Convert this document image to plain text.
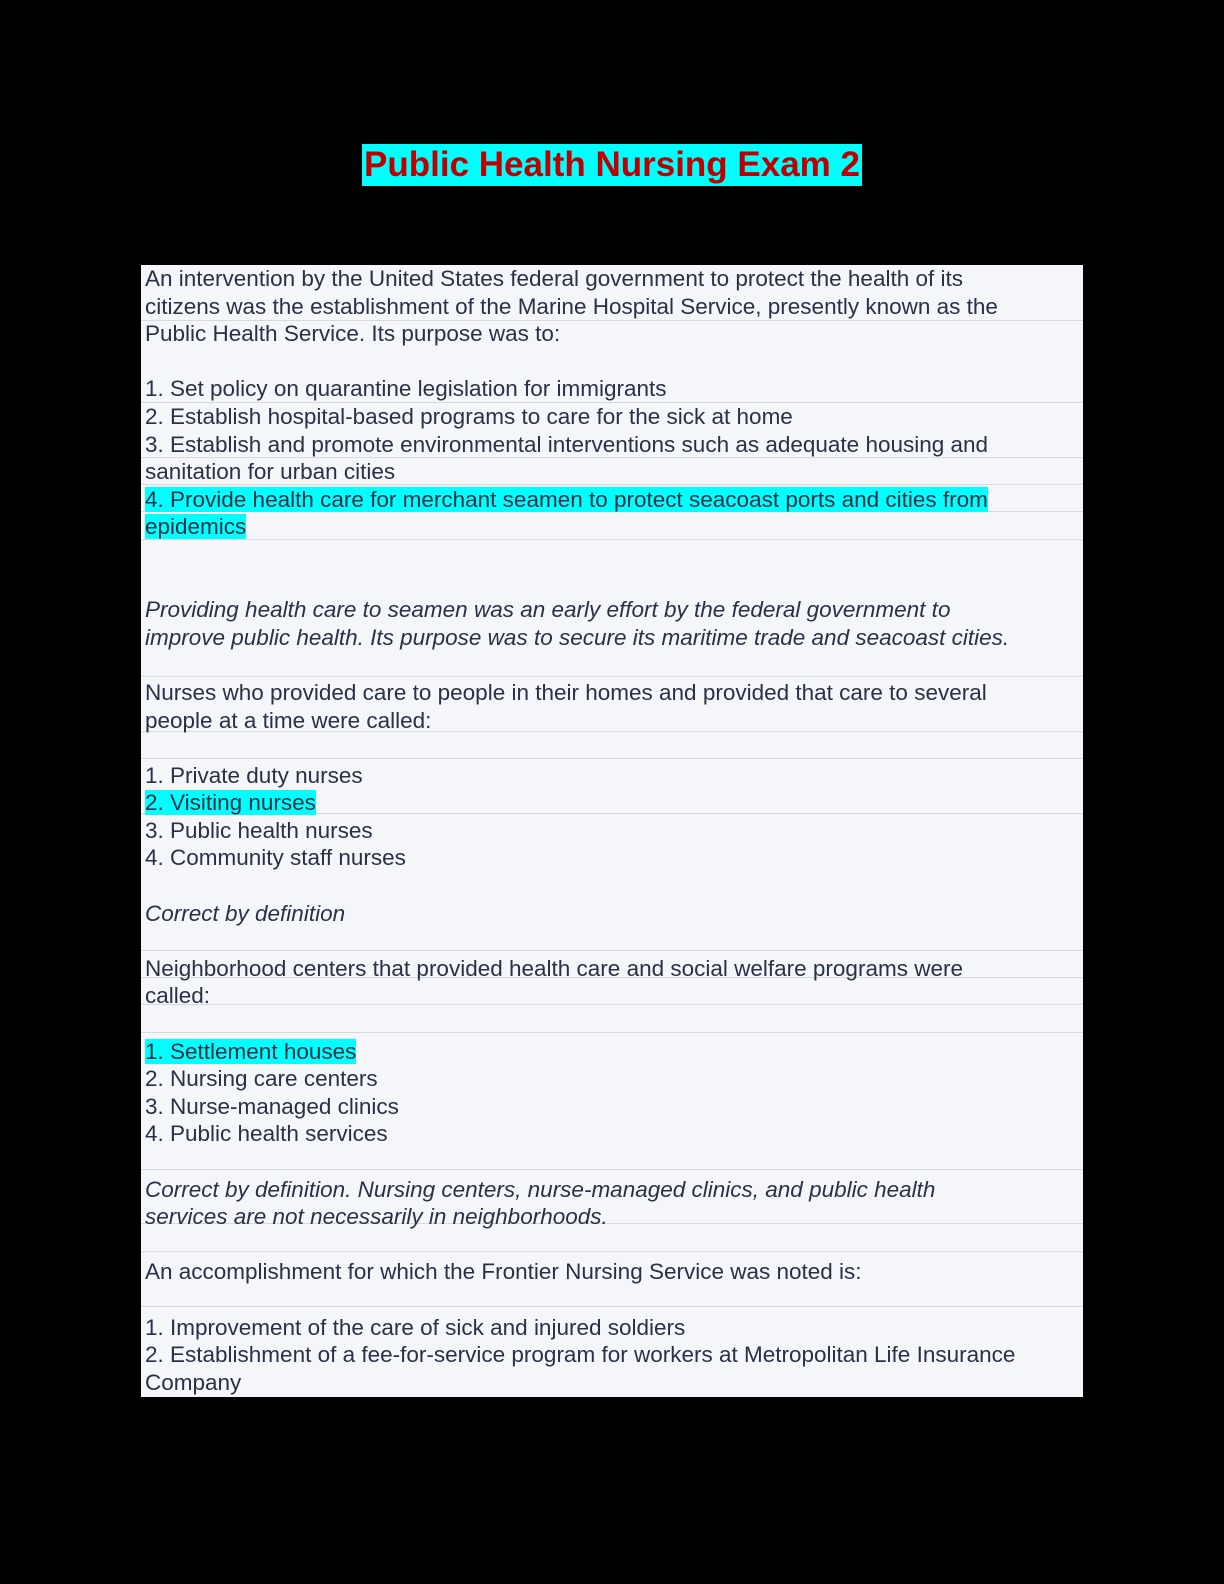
Public Health Nursing Exam 2
An intervention by the United States federal government to protect the health of its
citizens was the establishment of the Marine Hospital Service, presently known as the
Public Health Service. Its purpose was to:
1. Set policy on quarantine legislation for immigrants
2. Establish hospital-based programs to care for the sick at home
3. Establish and promote environmental interventions such as adequate housing and
sanitation for urban cities
4. Provide health care for merchant seamen to protect seacoast ports and cities from
epidemics
Providing health care to seamen was an early effort by the federal government to
improve public health. Its purpose was to secure its maritime trade and seacoast cities.
Nurses who provided care to people in their homes and provided that care to several
people at a time were called:
1. Private duty nurses
2. Visiting nurses
3. Public health nurses
4. Community staff nurses
Correct by definition
Neighborhood centers that provided health care and social welfare programs were
called:
1. Settlement houses
2. Nursing care centers
3. Nurse-managed clinics
4. Public health services
Correct by definition. Nursing centers, nurse-managed clinics, and public health
services are not necessarily in neighborhoods.
An accomplishment for which the Frontier Nursing Service was noted is:
1. Improvement of the care of sick and injured soldiers
2. Establishment of a fee-for-service program for workers at Metropolitan Life Insurance
Company
